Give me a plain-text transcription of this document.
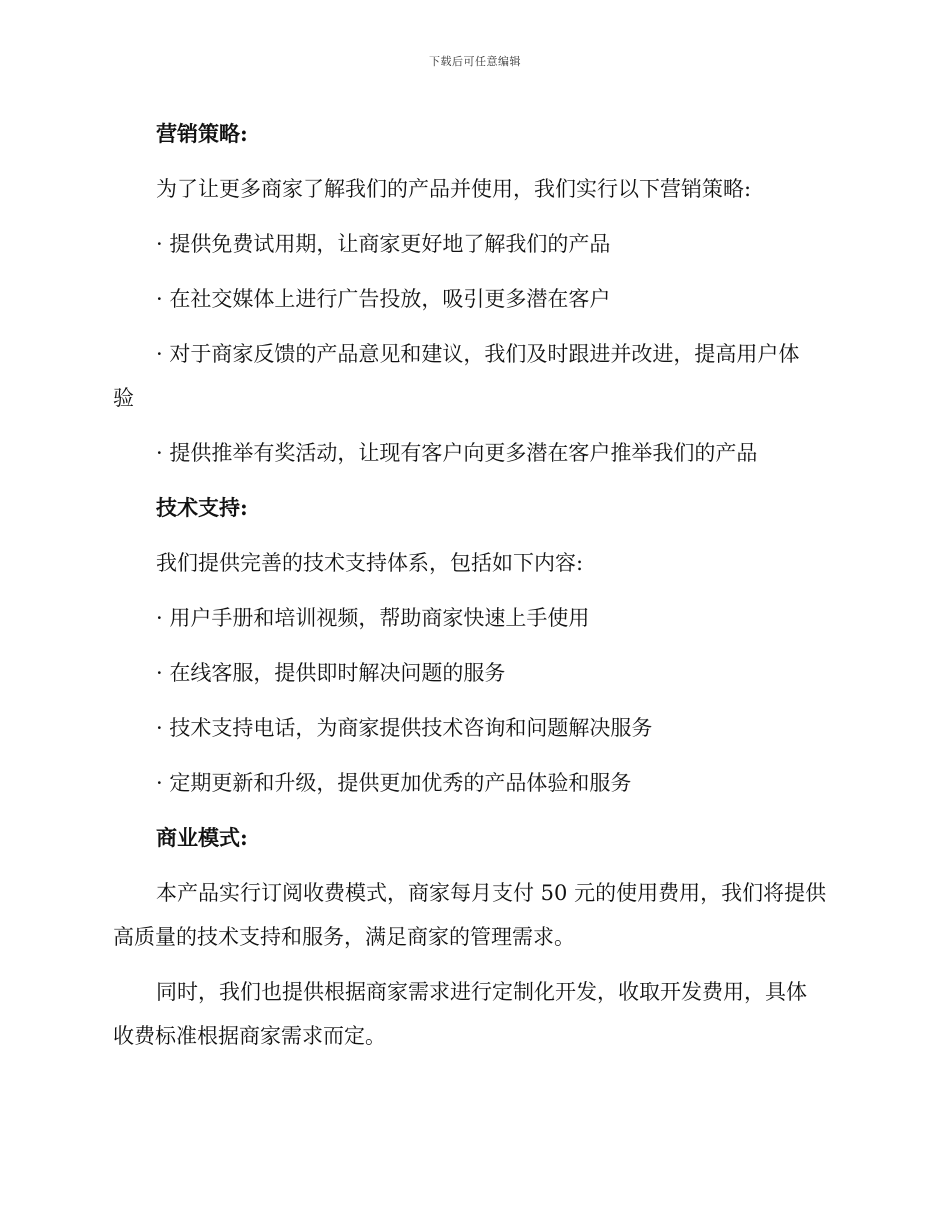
下载后可任意编辑

营销策略:

为了让更多商家了解我们的产品并使用，我们实行以下营销策略:

· 提供免费试用期，让商家更好地了解我们的产品

· 在社交媒体上进行广告投放，吸引更多潜在客户

· 对于商家反馈的产品意见和建议，我们及时跟进并改进，提高用户体

验

· 提供推举有奖活动，让现有客户向更多潜在客户推举我们的产品

技术支持:

我们提供完善的技术支持体系，包括如下内容:

· 用户手册和培训视频，帮助商家快速上手使用

· 在线客服，提供即时解决问题的服务

· 技术支持电话，为商家提供技术咨询和问题解决服务

· 定期更新和升级，提供更加优秀的产品体验和服务

商业模式:

本产品实行订阅收费模式，商家每月支付 50 元的使用费用，我们将提供

高质量的技术支持和服务，满足商家的管理需求。

同时，我们也提供根据商家需求进行定制化开发，收取开发费用，具体

收费标准根据商家需求而定。
